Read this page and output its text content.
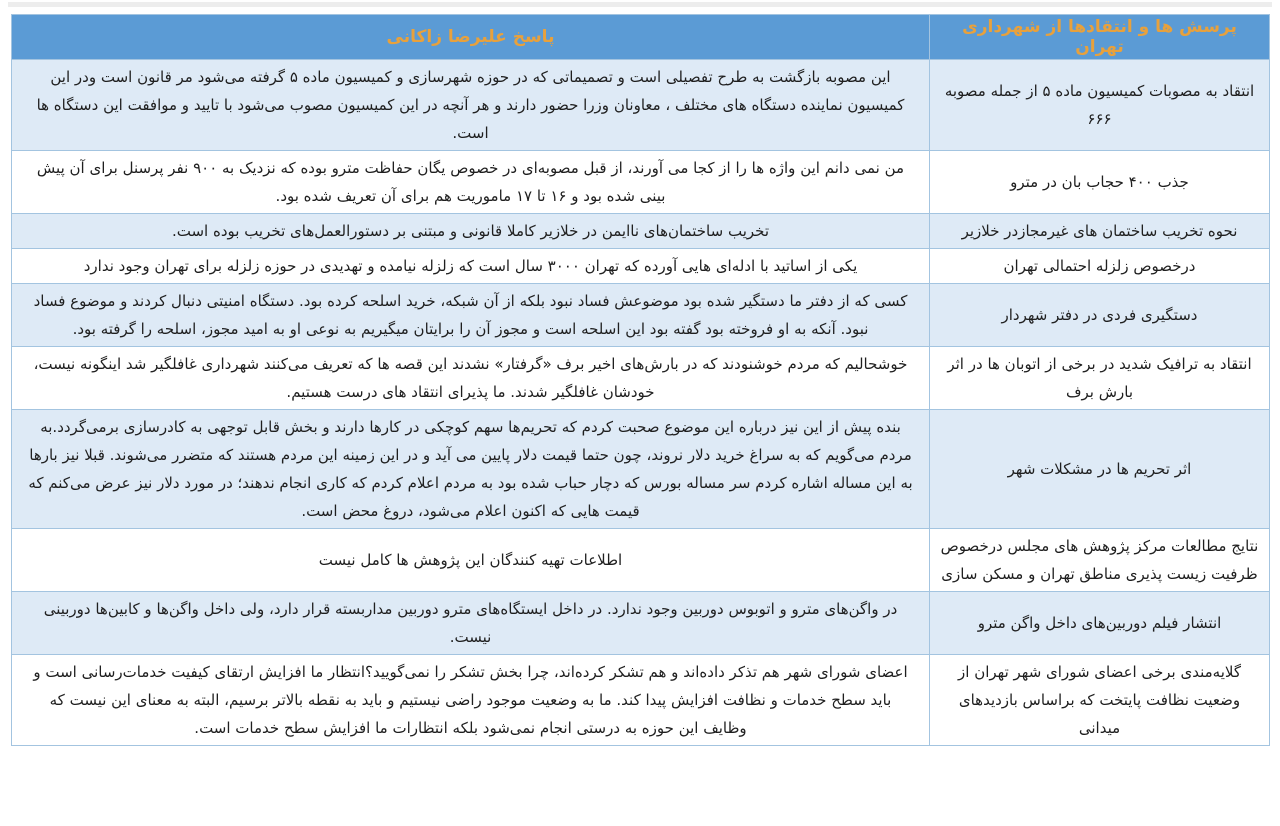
پرسش ها و انتقادها از شهرداری تهران	پاسخ علیرضا زاکانی
انتقاد به مصوبات کمیسیون ماده ۵ از جمله مصوبه ۶۶۶	این مصوبه بازگشت به طرح تفصیلی است و تصمیماتی که در حوزه شهرسازی و کمیسیون ماده ۵ گرفته می‌شود مر قانون است ودر این کمیسیون نماینده دستگاه های مختلف ، معاونان وزرا حضور دارند و هر آنچه در این کمیسیون مصوب می‌شود با تایید و موافقت این دستگاه ها است.
جذب ۴۰۰ حجاب بان در مترو	من نمی دانم این واژه ها را از کجا می آورند، از قبل مصوبه‌ای در خصوص یگان حفاظت مترو بوده که نزدیک به ۹۰۰ نفر پرسنل برای آن پیش بینی شده بود و ۱۶ تا ۱۷ ماموریت هم برای آن تعریف شده بود.
نحوه تخریب ساختمان های غیرمجازدر خلازیر	تخریب ساختمان‌های ناایمن در خلازیر کاملا قانونی و مبتنی بر دستورالعمل‌های تخریب بوده است.
درخصوص زلزله احتمالی تهران	یکی از اساتید با ادله‌ای هایی آورده که تهران ۳۰۰۰ سال است که زلزله نیامده و تهدیدی در حوزه زلزله برای تهران وجود ندارد
دستگیری فردی در دفتر شهردار	کسی که از دفتر ما دستگیر شده بود موضوعش فساد نبود بلکه از آن شبکه، خرید اسلحه کرده بود. دستگاه امنیتی دنبال کردند و موضوع فساد نبود. آنکه به او فروخته بود گفته بود این اسلحه است و مجوز آن را برایتان میگیریم به نوعی او به امید مجوز، اسلحه را گرفته بود.
انتقاد به ترافیک شدید در برخی از اتوبان ها در اثر بارش برف	خوشحالیم که مردم خوشنودند که در بارش‌های اخیر برف «گرفتار» نشدند این قصه ها که تعریف می‌کنند شهرداری غافلگیر شد اینگونه نیست، خودشان غافلگیر شدند. ما پذیرای انتقاد های درست هستیم.
اثر تحریم ها در مشکلات شهر	بنده پیش از این نیز درباره این موضوع صحبت کردم که تحریم‌ها سهم کوچکی در کارها دارند و بخش قابل توجهی به کادرسازی برمی‌گردد.به مردم می‌گویم که به سراغ خرید دلار نروند، چون حتما قیمت دلار پایین می آید و در این زمینه این مردم هستند که متضرر می‌شوند. قبلا نیز بارها به این مساله اشاره کردم سر مساله بورس که دچار حباب شده بود به مردم اعلام کردم که کاری انجام ندهند؛ در مورد دلار نیز عرض می‌کنم که قیمت هایی که اکنون اعلام می‌شود، دروغ محض است.
نتایج مطالعات مرکز پژوهش های مجلس درخصوص ظرفیت زیست پذیری مناطق تهران و مسکن سازی	اطلاعات تهیه کنندگان این پژوهش ها کامل نیست
انتشار فیلم دوربین‌های داخل واگن مترو	در واگن‌های مترو و اتوبوس دوربین وجود ندارد. در داخل ایستگاه‌های مترو دوربین مداربسته قرار دارد، ولی داخل واگن‌ها و کابین‌ها دوربینی نیست.
گلایه‌مندی برخی اعضای شورای شهر تهران از وضعیت نظافت پایتخت که براساس بازدیدهای میدانی	اعضای شورای شهر هم تذکر داده‌اند و هم تشکر کرده‌اند، چرا بخش تشکر را نمی‌گویید؟انتظار ما افزایش ارتقای کیفیت خدمات‌رسانی است و باید سطح خدمات و نظافت افزایش پیدا کند. ما به وضعیت موجود راضی نیستیم و باید به نقطه بالاتر برسیم، البته به معنای این نیست که وظایف این حوزه به درستی انجام نمی‌شود بلکه انتظارات ما افزایش سطح خدمات است.
